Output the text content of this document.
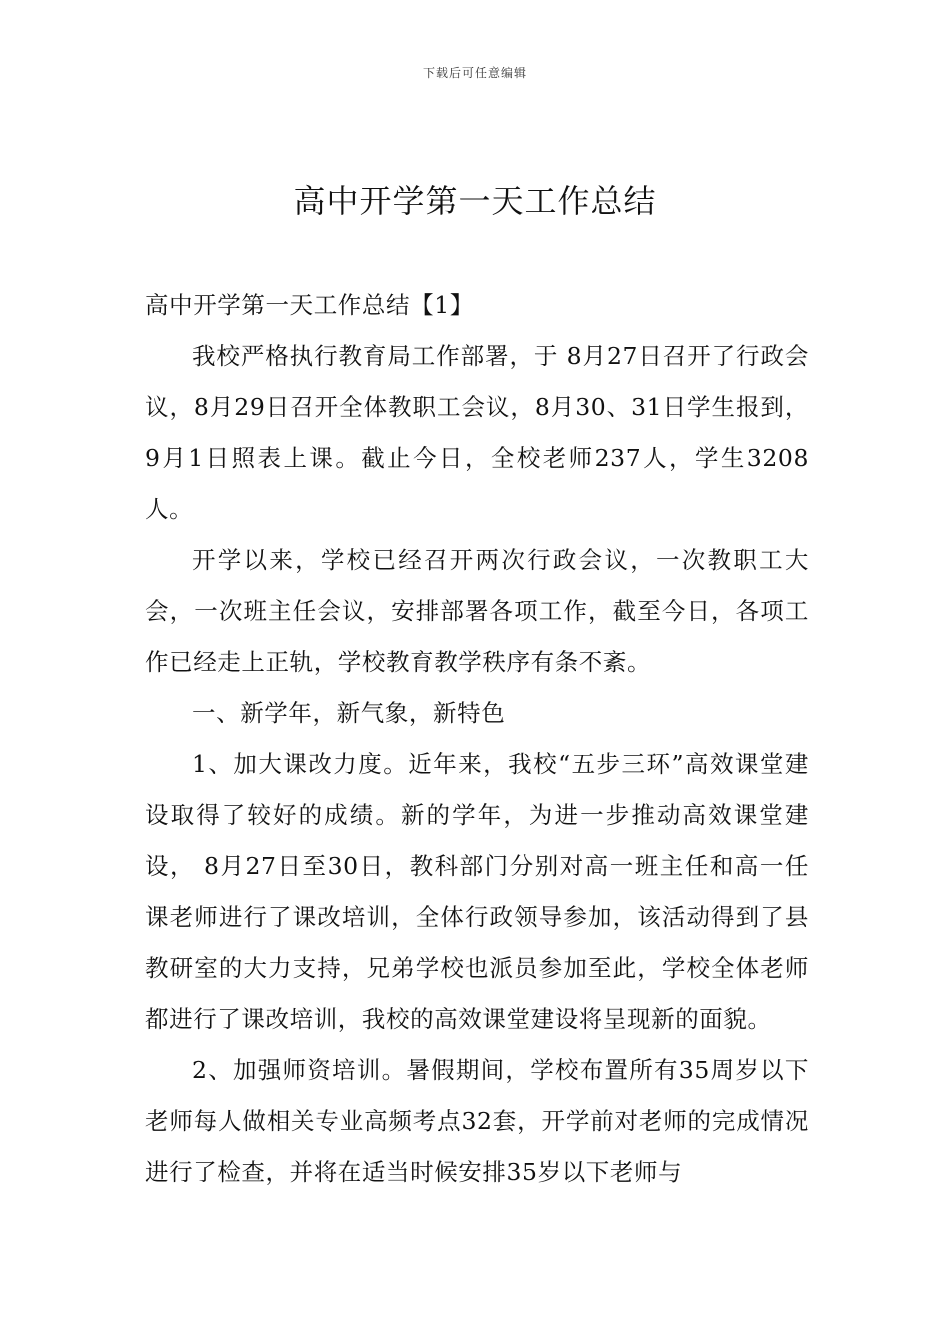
下载后可任意编辑
高中开学第一天工作总结

高中开学第一天工作总结【1】

我校严格执行教育局工作部署，于 8月27日召开了行政会议，8月29日召开全体教职工会议，8月30、31日学生报到，9月1日照表上课。截止今日，全校老师237人，学生3208人。

开学以来，学校已经召开两次行政会议，一次教职工大会，一次班主任会议，安排部署各项工作，截至今日，各项工作已经走上正轨，学校教育教学秩序有条不紊。

一、新学年，新气象，新特色

1、加大课改力度。近年来，我校“五步三环”高效课堂建设取得了较好的成绩。新的学年，为进一步推动高效课堂建设， 8月27日至30日，教科部门分别对高一班主任和高一任课老师进行了课改培训，全体行政领导参加，该活动得到了县教研室的大力支持，兄弟学校也派员参加至此，学校全体老师都进行了课改培训，我校的高效课堂建设将呈现新的面貌。

2、加强师资培训。暑假期间，学校布置所有35周岁以下老师每人做相关专业高频考点32套，开学前对老师的完成情况进行了检查，并将在适当时候安排35岁以下老师与
